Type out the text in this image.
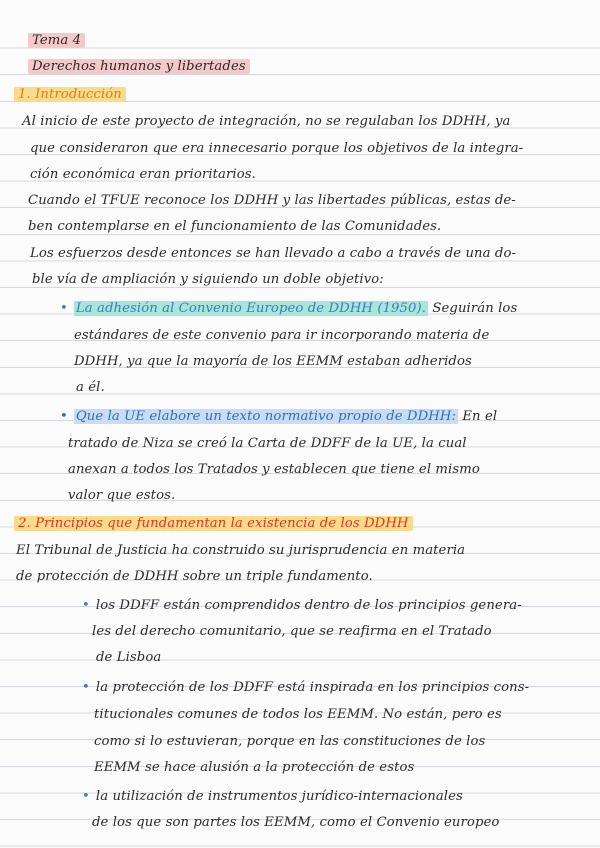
Tema 4
Derechos humanos y libertades
1. Introducción
Al inicio de este proyecto de integración, no se regulaban los DDHH, ya
que consideraron que era innecesario porque los objetivos de la integra-
ción económica eran prioritarios.
Cuando el TFUE reconoce los DDHH y las libertades públicas, estas de-
ben contemplarse en el funcionamiento de las Comunidades.
Los esfuerzos desde entonces se han llevado a cabo a través de una do-
ble vía de ampliación y siguiendo un doble objetivo:
• La adhesión al Convenio Europeo de DDHH (1950). Seguirán los
estándares de este convenio para ir incorporando materia de
DDHH, ya que la mayoría de los EEMM estaban adheridos
a él.
• Que la UE elabore un texto normativo propio de DDHH: En el
tratado de Niza se creó la Carta de DDFF de la UE, la cual
anexan a todos los Tratados y establecen que tiene el mismo
valor que estos.
2. Principios que fundamentan la existencia de los DDHH
El Tribunal de Justicia ha construido su jurisprudencia en materia
de protección de DDHH sobre un triple fundamento.
• los DDFF están comprendidos dentro de los principios genera-
les del derecho comunitario, que se reafirma en el Tratado
de Lisboa
• la protección de los DDFF está inspirada en los principios cons-
titucionales comunes de todos los EEMM. No están, pero es
como si lo estuvieran, porque en las constituciones de los
EEMM se hace alusión a la protección de estos
• la utilización de instrumentos jurídico-internacionales
de los que son partes los EEMM, como el Convenio europeo
